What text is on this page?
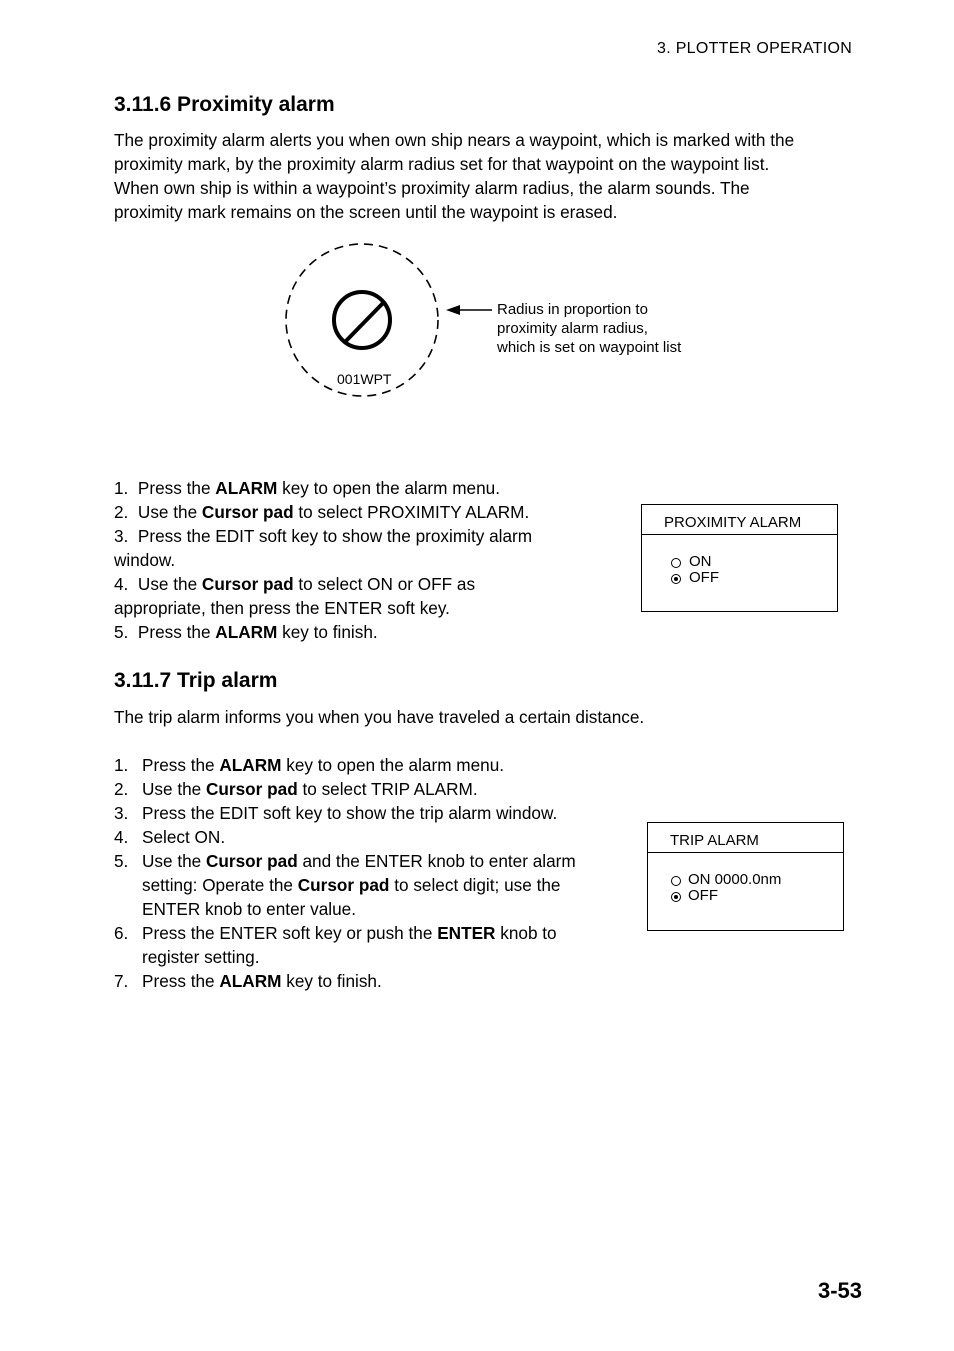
3. PLOTTER OPERATION
3.11.6 Proximity alarm
The proximity alarm alerts you when own ship nears a waypoint, which is marked with the
proximity mark, by the proximity alarm radius set for that waypoint on the waypoint list.
When own ship is within a waypoint’s proximity alarm radius, the alarm sounds. The
proximity mark remains on the screen until the waypoint is erased.
001WPT
Radius in proportion to
proximity alarm radius,
which is set on waypoint list
1. Press the ALARM key to open the alarm menu.
2. Use the Cursor pad to select PROXIMITY ALARM.
3. Press the EDIT soft key to show the proximity alarm
window.
4. Use the Cursor pad to select ON or OFF as
appropriate, then press the ENTER soft key.
5. Press the ALARM key to finish.
PROXIMITY ALARM
ON
OFF
3.11.7 Trip alarm
The trip alarm informs you when you have traveled a certain distance.
1. Press the ALARM key to open the alarm menu.
2. Use the Cursor pad to select TRIP ALARM.
3. Press the EDIT soft key to show the trip alarm window.
4. Select ON.
5. Use the Cursor pad and the ENTER knob to enter alarm
setting: Operate the Cursor pad to select digit; use the
ENTER knob to enter value.
6. Press the ENTER soft key or push the ENTER knob to
register setting.
7. Press the ALARM key to finish.
TRIP ALARM
ON 0000.0nm
OFF
3-53
